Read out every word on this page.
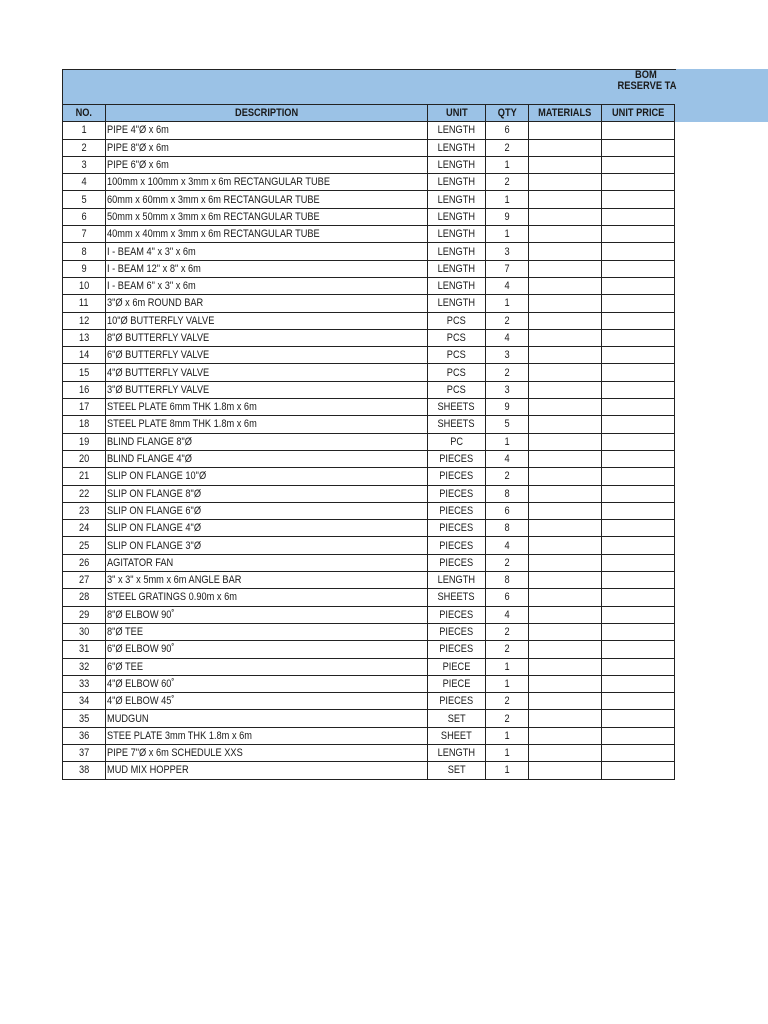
BOM
RESERVE TA
NO.	DESCRIPTION	UNIT	QTY	MATERIALS	UNIT PRICE
1	PIPE 4"Ø x 6m	LENGTH	6		
2	PIPE 8"Ø x 6m	LENGTH	2		
3	PIPE 6"Ø x 6m	LENGTH	1		
4	100mm x 100mm x 3mm x 6m RECTANGULAR TUBE	LENGTH	2		
5	60mm x 60mm x 3mm x 6m RECTANGULAR TUBE	LENGTH	1		
6	50mm x 50mm x 3mm x 6m RECTANGULAR TUBE	LENGTH	9		
7	40mm x 40mm x 3mm x 6m RECTANGULAR TUBE	LENGTH	1		
8	I - BEAM 4" x 3" x 6m	LENGTH	3		
9	I - BEAM 12" x 8" x 6m	LENGTH	7		
10	I - BEAM 6" x 3" x 6m	LENGTH	4		
11	3"Ø x 6m ROUND BAR	LENGTH	1		
12	10"Ø BUTTERFLY VALVE	PCS	2		
13	8"Ø BUTTERFLY VALVE	PCS	4		
14	6"Ø BUTTERFLY VALVE	PCS	3		
15	4"Ø BUTTERFLY VALVE	PCS	2		
16	3"Ø BUTTERFLY VALVE	PCS	3		
17	STEEL PLATE 6mm THK 1.8m x 6m	SHEETS	9		
18	STEEL PLATE 8mm THK 1.8m x 6m	SHEETS	5		
19	BLIND FLANGE 8"Ø	PC	1		
20	BLIND FLANGE 4"Ø	PIECES	4		
21	SLIP ON FLANGE 10"Ø	PIECES	2		
22	SLIP ON FLANGE 8"Ø	PIECES	8		
23	SLIP ON FLANGE 6"Ø	PIECES	6		
24	SLIP ON FLANGE 4"Ø	PIECES	8		
25	SLIP ON FLANGE 3"Ø	PIECES	4		
26	AGITATOR FAN	PIECES	2		
27	3" x 3" x 5mm x 6m ANGLE BAR	LENGTH	8		
28	STEEL GRATINGS 0.90m x 6m	SHEETS	6		
29	8"Ø ELBOW 90˚	PIECES	4		
30	8"Ø TEE	PIECES	2		
31	6"Ø ELBOW 90˚	PIECES	2		
32	6"Ø TEE	PIECE	1		
33	4"Ø ELBOW 60˚	PIECE	1		
34	4"Ø ELBOW 45˚	PIECES	2		
35	MUDGUN	SET	2		
36	STEE PLATE 3mm THK 1.8m x 6m	SHEET	1		
37	PIPE 7"Ø x 6m SCHEDULE XXS	LENGTH	1		
38	MUD MIX HOPPER	SET	1		
